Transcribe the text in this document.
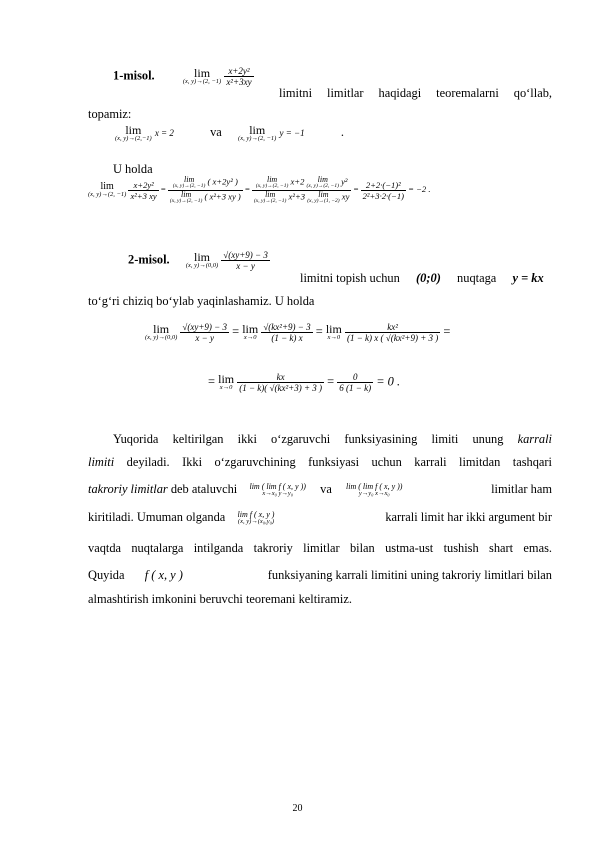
1-misol.	lim
(x, y)→(2, −1)
$\frac{\text{x+2y²}}{\text{x²+3xy}}$
limitni limitlar haqidagi teoremalarni qo‘llab,
topamiz:
lim
(x, y)→(2,−1)
x = 2	va	lim
(x, y)→(2, −1)
y = −1	.
U holda
lim
(x, y)→(2, −1)
$\frac{\text{x+2y²}}{\text{x²+3 xy}} = \lim$
(x, y)→(2, −1) ( x+2y² )
lim
(x, y)→(2, −1) ( x²+3 xy ) = lim
(x, y)→(2, −1) x+2	lim
(x, y)→(2, −1) y²
lim
(x, y)→(2, −1) x²+3	lim
(x, y)→(1, −2) xy = $\frac{\text{2+2·(−1)²}}{\text{2²+3·2·(−1)}} = -2$ .
2-misol.	lim
(x, y)→(0,0)
$\frac{√(xy+9) - 3}{x - y}$
limitni topish uchun (0;0) nuqtaga y = kx
to‘g‘ri chiziq bo‘ylab yaqinlashamiz. U holda
lim
(x, y)→(0,0)
$\frac{√(xy+9) - 3}{x - y} = \lim$
x→0
$\frac{\text{√(kx²+9) − 3}}{(1 - k) x} = \lim$
x→0
$\frac{\text{kx²}}{\text{(1 − k) x ( √(kx²+9) + 3 )}}$ =
= lim
x→0
$\frac{kx}{\text{(1 − k)( √(kx²+3) + 3 )}} = \frac{0}{6 (1 - k)} = 0$ .
Yuqorida keltirilgan ikki o‘zgaruvchi funksiyasining limiti unung karrali
limiti deyiladi. Ikki o‘zgaruvchining funksiyasi uchun karrali limitdan tashqari
takroriy limitlar deb ataluvchi lim ( lim f ( x, y ))
x→x₀ y→y₀	va lim ( lim f ( x, y ))
y→y₀ x→x₀	limitlar ham
kiritiladi. Umuman olganda lim f ( x, y )
(x, y)→(x₀,y₀)	karrali limit har ikki argument bir
vaqtda nuqtalarga intilganda takroriy limitlar bilan ustma-ust tushish shart emas.
Quyida f ( x, y )	funksiyaning karrali limitini uning takroriy limitlari bilan
almashtirish imkonini beruvchi teoremani keltiramiz.
20
